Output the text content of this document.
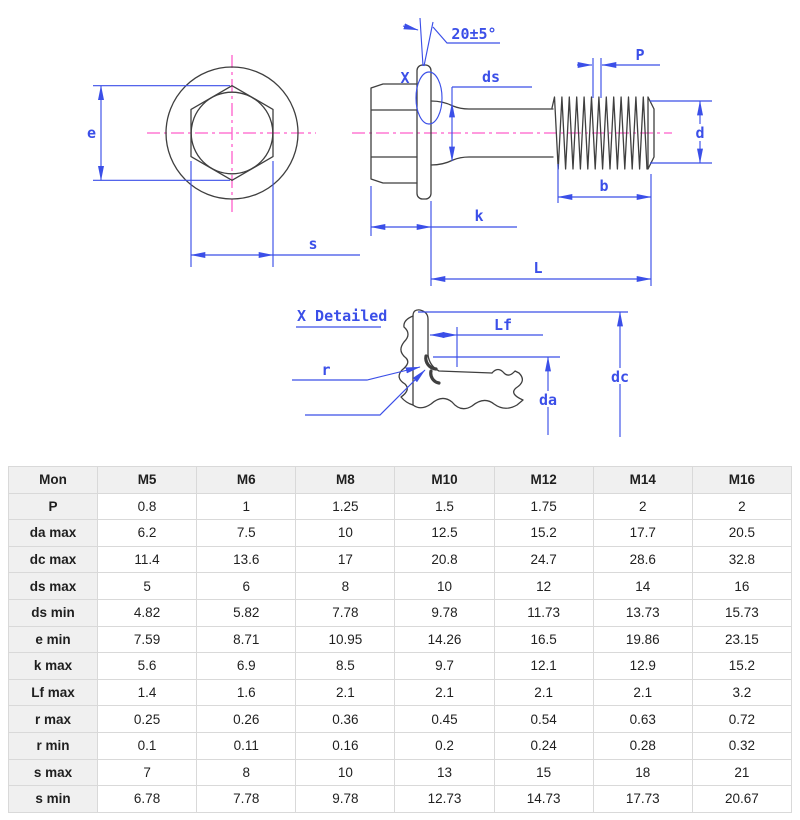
e
s
X
20±5°
ds
P
d
b
k
L
X Detailed	Lf
da
dc
r
Mon	M5	M6	M8	M10	M12	M14	M16
P	0.8	1	1.25	1.5	1.75	2	2
da max	6.2	7.5	10	12.5	15.2	17.7	20.5
dc max	11.4	13.6	17	20.8	24.7	28.6	32.8
ds max	5	6	8	10	12	14	16
ds min	4.82	5.82	7.78	9.78	11.73	13.73	15.73
e min	7.59	8.71	10.95	14.26	16.5	19.86	23.15
k max	5.6	6.9	8.5	9.7	12.1	12.9	15.2
Lf max	1.4	1.6	2.1	2.1	2.1	2.1	3.2
r max	0.25	0.26	0.36	0.45	0.54	0.63	0.72
r min	0.1	0.11	0.16	0.2	0.24	0.28	0.32
s max	7	8	10	13	15	18	21
s min	6.78	7.78	9.78	12.73	14.73	17.73	20.67
